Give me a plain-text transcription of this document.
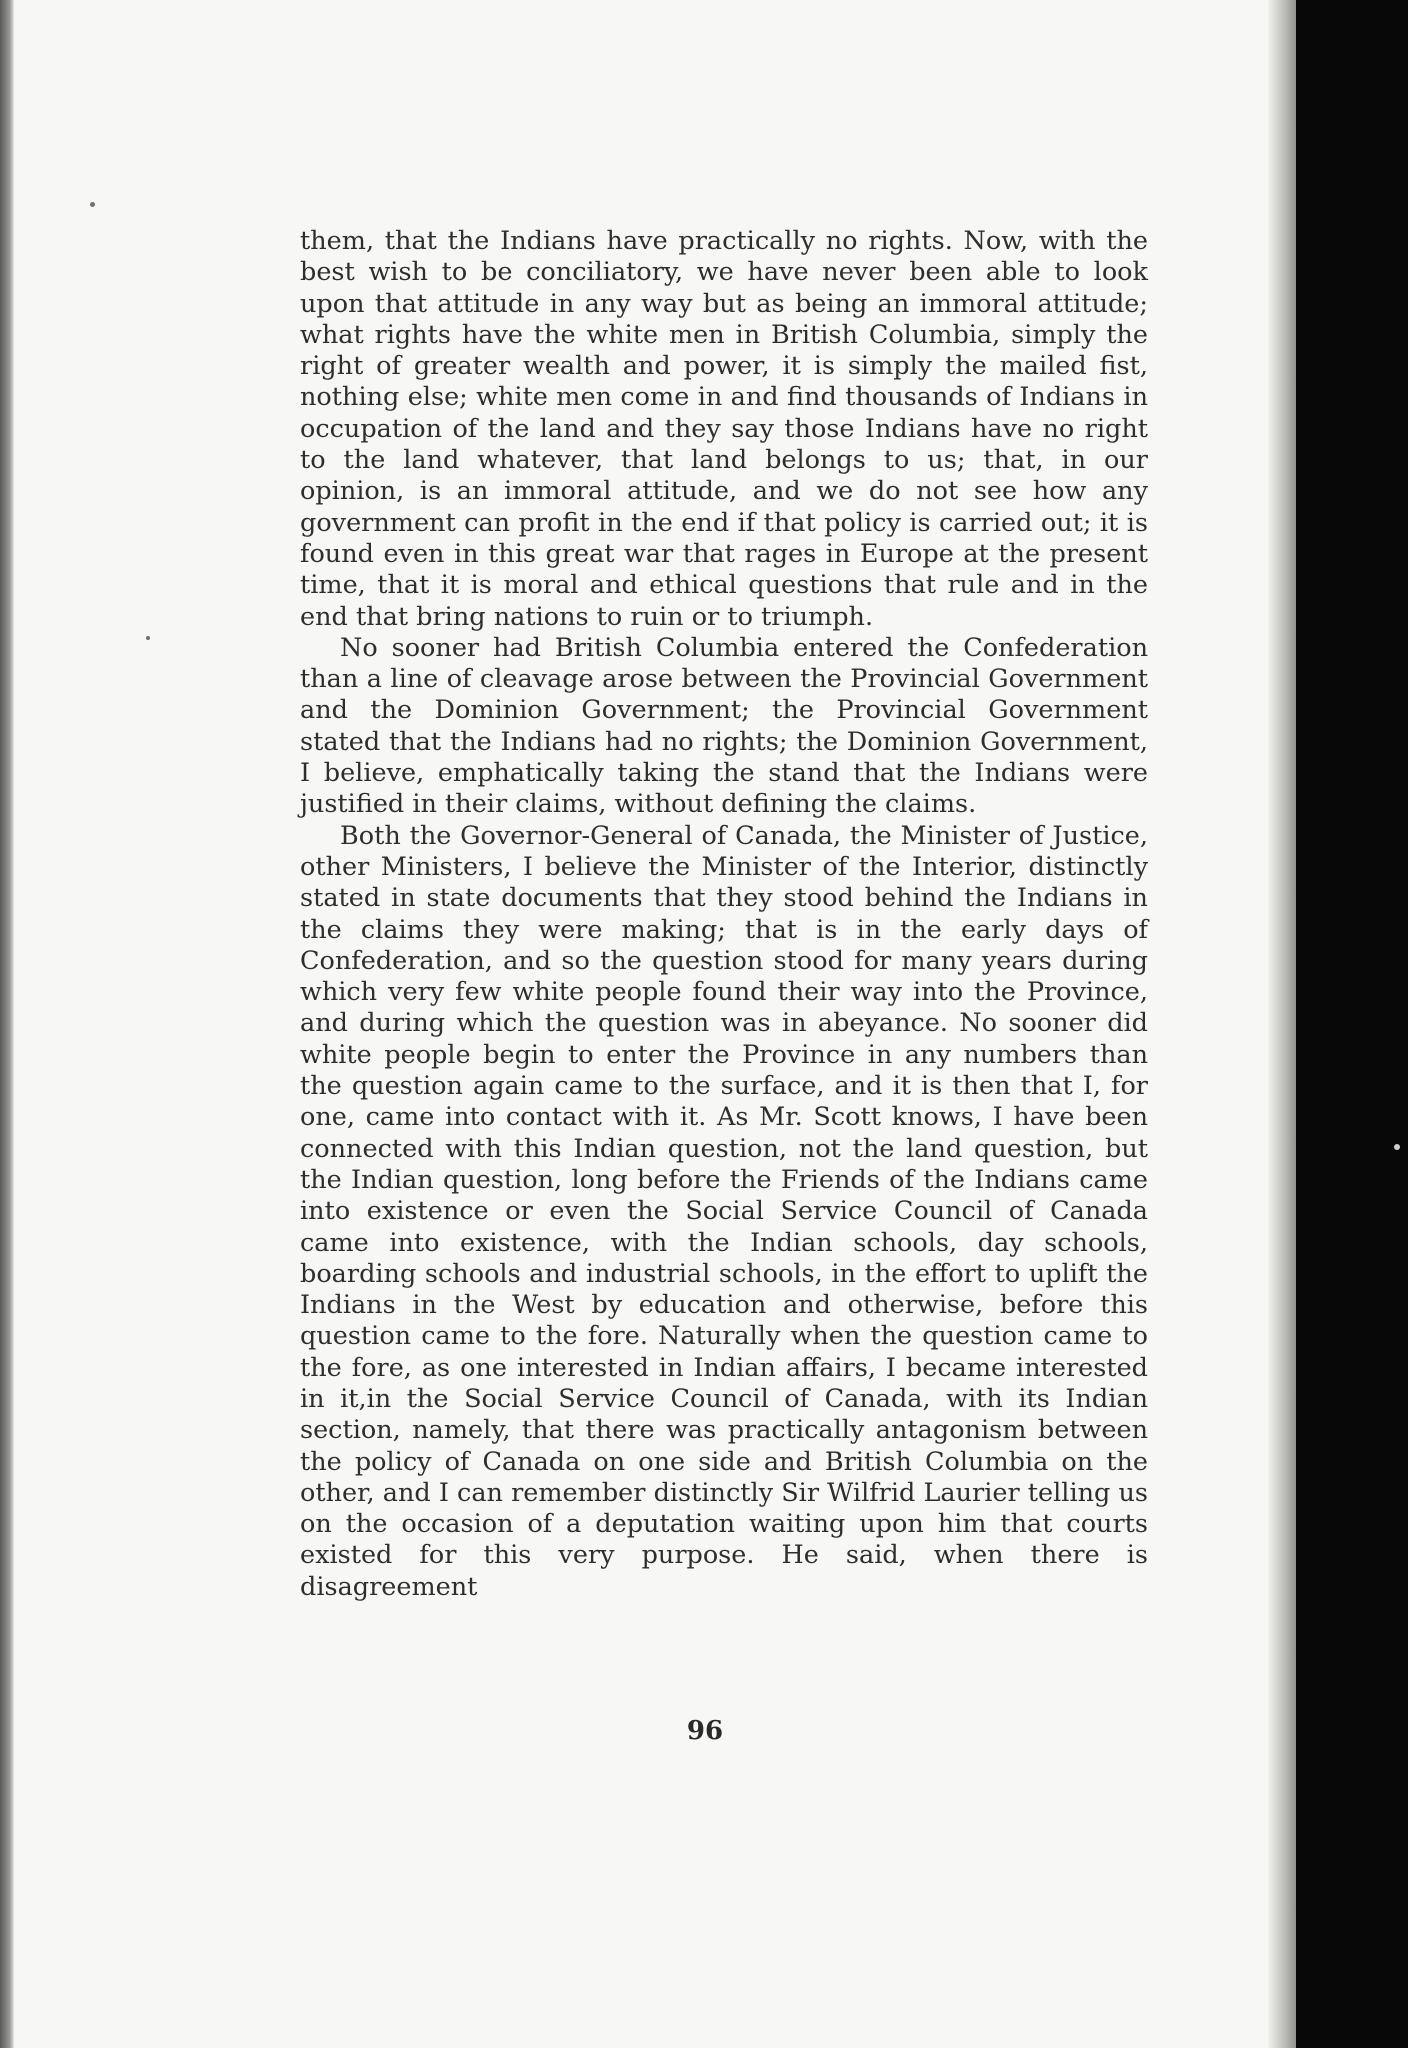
them, that the Indians have practically no rights. Now, with the best wish to be conciliatory, we have never been able to look upon that attitude in any way but as being an immoral attitude; what rights have the white men in British Columbia, simply the right of greater wealth and power, it is simply the mailed fist, nothing else; white men come in and find thousands of Indians in occupation of the land and they say those Indians have no right to the land whatever, that land belongs to us; that, in our opinion, is an immoral attitude, and we do not see how any government can profit in the end if that policy is carried out; it is found even in this great war that rages in Europe at the present time, that it is moral and ethical questions that rule and in the end that bring nations to ruin or to triumph.

No sooner had British Columbia entered the Confederation than a line of cleavage arose between the Provincial Government and the Dominion Government; the Provincial Government stated that the Indians had no rights; the Dominion Government, I believe, emphatically taking the stand that the Indians were justified in their claims, without defining the claims.

Both the Governor-General of Canada, the Minister of Justice, other Ministers, I believe the Minister of the Interior, distinctly stated in state documents that they stood behind the Indians in the claims they were making; that is in the early days of Confederation, and so the question stood for many years during which very few white people found their way into the Province, and during which the question was in abeyance. No sooner did white people begin to enter the Province in any numbers than the question again came to the surface, and it is then that I, for one, came into contact with it. As Mr. Scott knows, I have been connected with this Indian question, not the land question, but the Indian question, long before the Friends of the Indians came into existence or even the Social Service Council of Canada came into existence, with the Indian schools, day schools, boarding schools and industrial schools, in the effort to uplift the Indians in the West by education and otherwise, before this question came to the fore. Naturally when the question came to the fore, as one interested in Indian affairs, I became interested in it,in the Social Service Council of Canada, with its Indian section, namely, that there was practically antagonism between the policy of Canada on one side and British Columbia on the other, and I can remember distinctly Sir Wilfrid Laurier telling us on the occasion of a deputation waiting upon him that courts existed for this very purpose. He said, when there is disagreement

96
